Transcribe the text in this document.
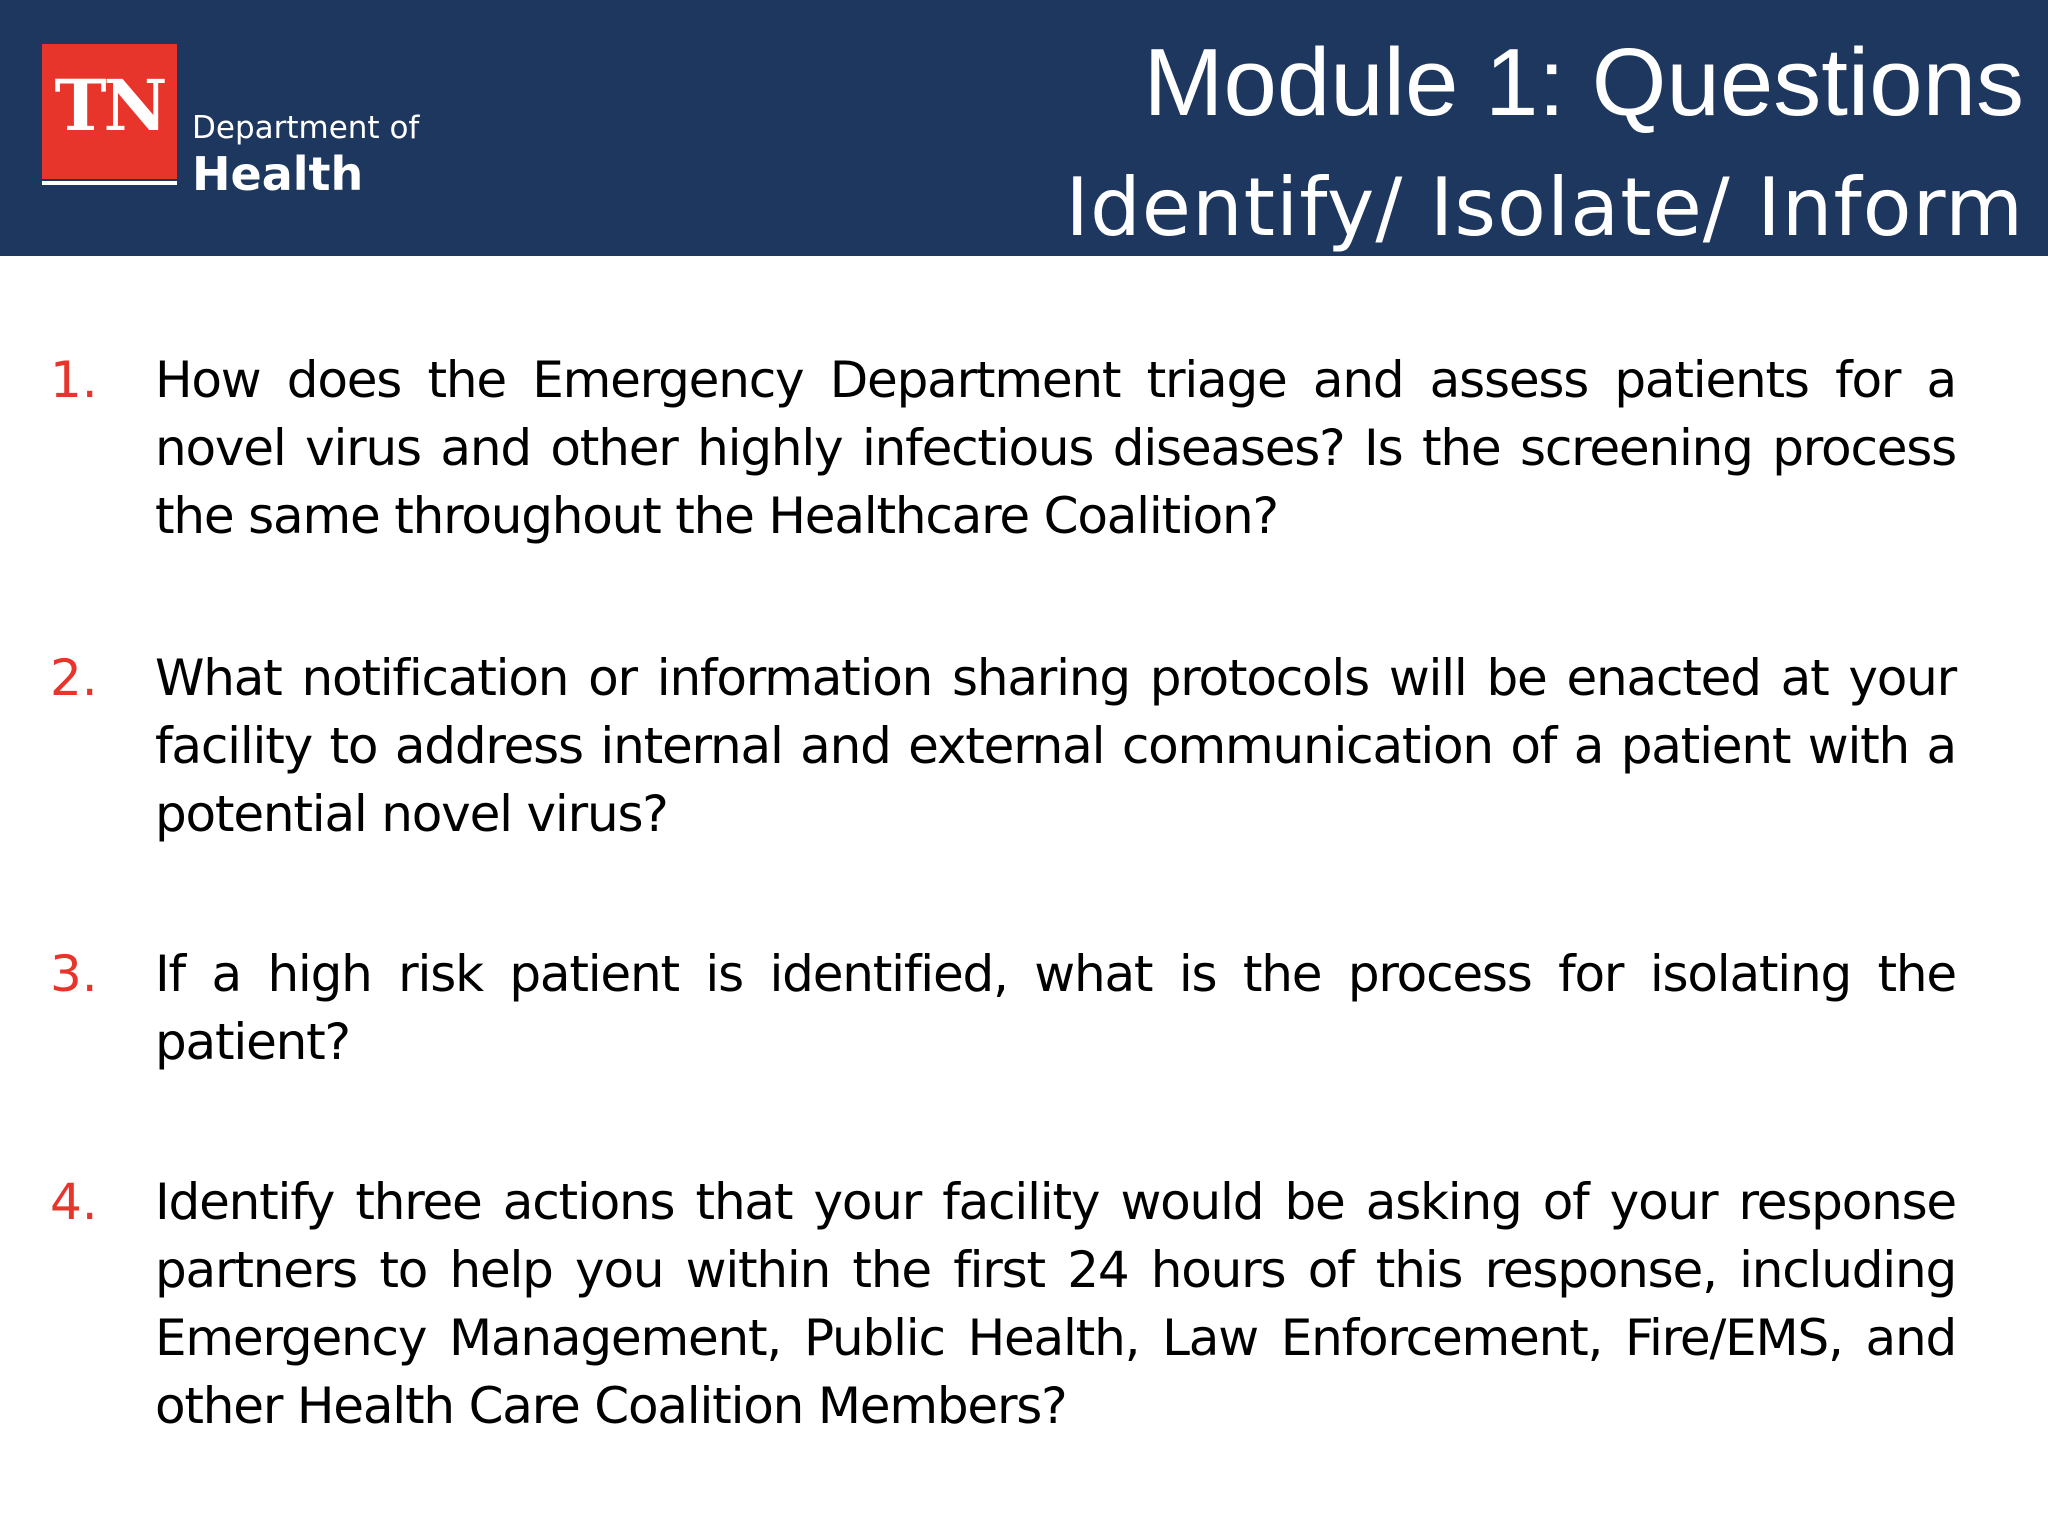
TN Department of
Health
Module 1: Questions
Identify/ Isolate/ Inform
1.	How does the Emergency Department triage and assess patients for a novel virus and other highly infectious diseases? Is the screening process the same throughout the Healthcare Coalition?
2.	What notification or information sharing protocols will be enacted at your facility to address internal and external communication of a patient with a potential novel virus?
3.	If a high risk patient is identified, what is the process for isolating the patient?
4.	Identify three actions that your facility would be asking of your response partners to help you within the first 24 hours of this response, including Emergency Management, Public Health, Law Enforcement, Fire/EMS, and other Health Care Coalition Members?
